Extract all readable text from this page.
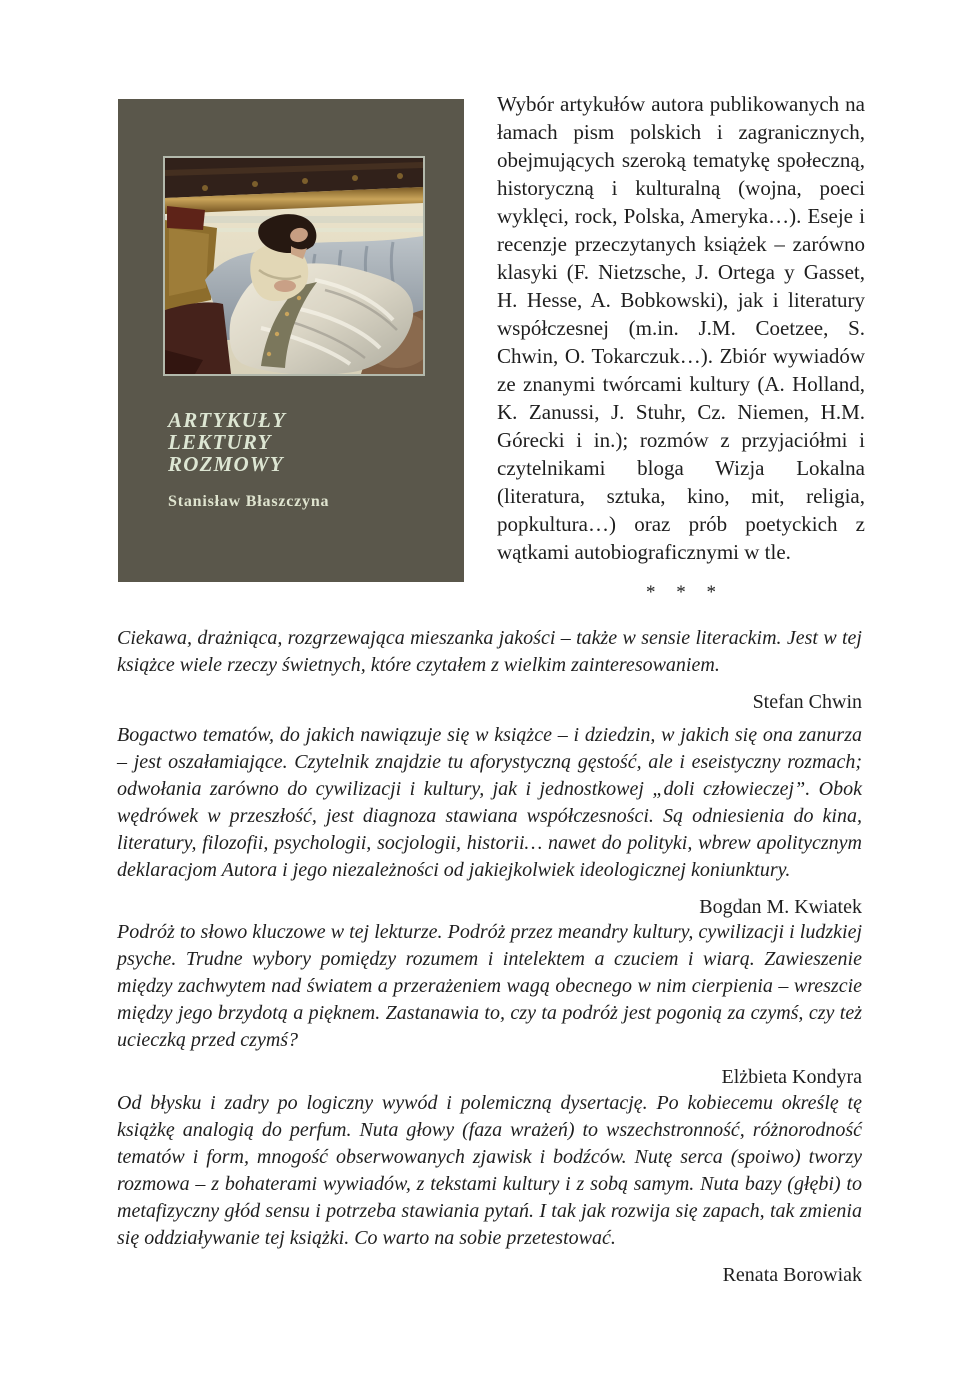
ARTYKUŁY
LEKTURY
ROZMOWY
Stanisław Błaszczyna

Wybór artykułów autora publikowanych na łamach pism polskich i zagranicznych, obejmujących szeroką tematykę społeczną, historyczną i kulturalną (wojna, poeci wyklęci, rock, Polska, Ameryka…). Eseje i recenzje przeczytanych książek – zarówno klasyki (F. Nietzsche, J. Ortega y Gasset, H. Hesse, A. Bobkowski), jak i literatury współczesnej (m.in. J.M. Coetzee, S. Chwin, O. Tokarczuk…). Zbiór wywiadów ze znanymi twórcami kultury (A. Holland, K. Zanussi, J. Stuhr, Cz. Niemen, H.M. Górecki i in.); rozmów z przyjaciółmi i czytelnikami bloga Wizja Lokalna (literatura, sztuka, kino, mit, religia, popkultura…) oraz prób poetyckich z wątkami autobiograficznymi w tle.

* * *

Ciekawa, drażniąca, rozgrzewająca mieszanka jakości – także w sensie literackim. Jest w tej książce wiele rzeczy świetnych, które czytałem z wielkim zainteresowaniem.

Stefan Chwin

Bogactwo tematów, do jakich nawiązuje się w książce – i dziedzin, w jakich się ona zanurza – jest oszałamiające. Czytelnik znajdzie tu aforystyczną gęstość, ale i eseistyczny rozmach; odwołania zarówno do cywilizacji i kultury, jak i jednostkowej „doli człowieczej”. Obok wędrówek w przeszłość, jest diagnoza stawiana współczesności. Są odniesienia do kina, literatury, filozofii, psychologii, socjologii, historii… nawet do polityki, wbrew apolitycznym deklaracjom Autora i jego niezależności od jakiejkolwiek ideologicznej koniunktury.

Bogdan M. Kwiatek

Podróż to słowo kluczowe w tej lekturze. Podróż przez meandry kultury, cywilizacji i ludzkiej psyche. Trudne wybory pomiędzy rozumem i intelektem a czuciem i wiarą. Zawieszenie między zachwytem nad światem a przerażeniem wagą obecnego w nim cierpienia – wreszcie między jego brzydotą a pięknem. Zastanawia to, czy ta podróż jest pogonią za czymś, czy też ucieczką przed czymś?

Elżbieta Kondyra

Od błysku i zadry po logiczny wywód i polemiczną dysertację. Po kobiecemu określę tę książkę analogią do perfum. Nuta głowy (faza wrażeń) to wszechstronność, różnorodność tematów i form, mnogość obserwowanych zjawisk i bodźców. Nutę serca (spoiwo) tworzy rozmowa – z bohaterami wywiadów, z tekstami kultury i z sobą samym. Nuta bazy (głębi) to metafizyczny głód sensu i potrzeba stawiania pytań. I tak jak rozwija się zapach, tak zmienia się oddziaływanie tej książki. Co warto na sobie przetestować.

Renata Borowiak
